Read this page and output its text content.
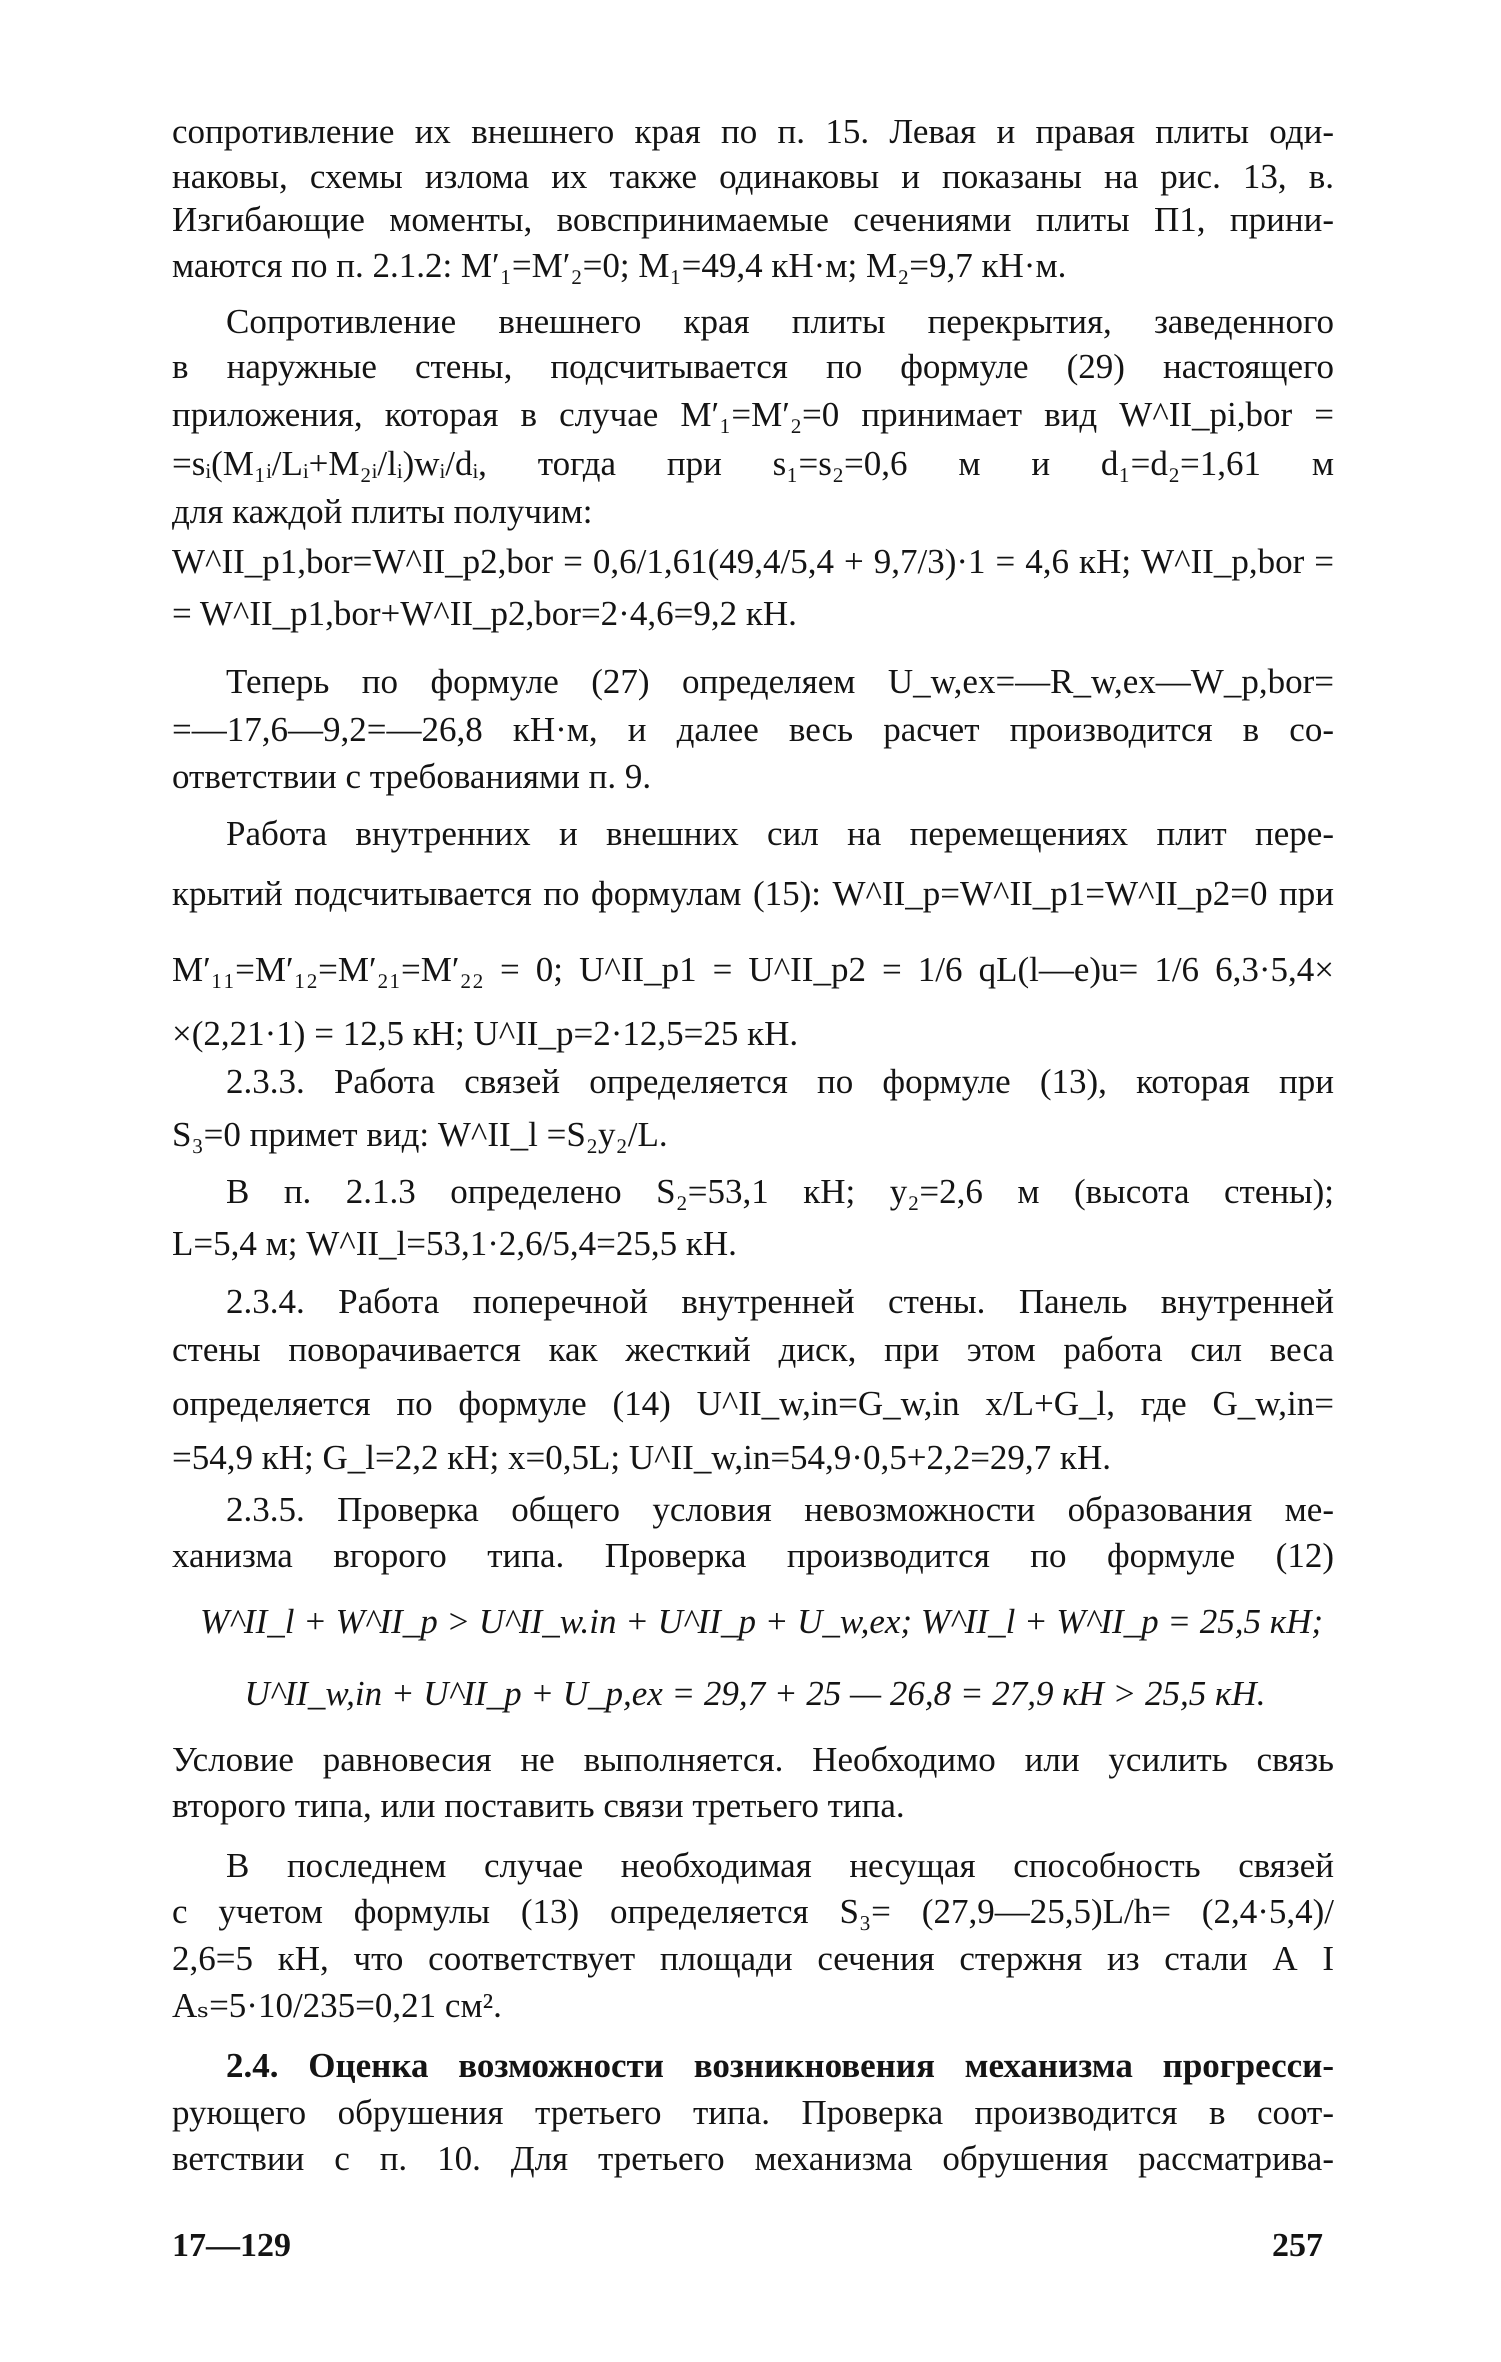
сопротивление их внешнего края по п. 15. Левая и правая плиты оди-
наковы, схемы излома их также одинаковы и показаны на рис. 13, в.
Изгибающие моменты, вовспринимаемые сечениями плиты П1, прини-
маются по п. 2.1.2: M′₁=M′₂=0; M₁=49,4 кН·м; M₂=9,7 кН·м.
Сопротивление внешнего края плиты перекрытия, заведенного
в наружные стены, подсчитывается по формуле (29) настоящего
приложения, которая в случае M′₁=M′₂=0 принимает вид W^II_pi,bor =
=sᵢ(M₁ᵢ/Lᵢ+M₂ᵢ/lᵢ)wᵢ/dᵢ, тогда при s₁=s₂=0,6 м и d₁=d₂=1,61 м
для каждой плиты получим:
W^II_p1,bor=W^II_p2,bor = 0,6/1,61(49,4/5,4 + 9,7/3)·1 = 4,6 кН; W^II_p,bor =
= W^II_p1,bor+W^II_p2,bor=2·4,6=9,2 кН.
Теперь по формуле (27) определяем U_w,ex=—R_w,ex—W_p,bor=
=—17,6—9,2=—26,8 кН·м, и далее весь расчет производится в со-
ответствии с требованиями п. 9.
Работа внутренних и внешних сил на перемещениях плит пере-
крытий подсчитывается по формулам (15): W^II_p=W^II_p1=W^II_p2=0 при
M′₁₁=M′₁₂=M′₂₁=M′₂₂ = 0; U^II_p1 = U^II_p2 = 1/6 qL(l—e)u= 1/6 6,3·5,4×
×(2,21·1) = 12,5 кН; U^II_p=2·12,5=25 кН.
2.3.3. Работа связей определяется по формуле (13), которая при
S₃=0 примет вид: W^II_l =S₂y₂/L.
В п. 2.1.3 определено S₂=53,1 кН; y₂=2,6 м (высота стены);
L=5,4 м; W^II_l=53,1·2,6/5,4=25,5 кН.
2.3.4. Работа поперечной внутренней стены. Панель внутренней
стены поворачивается как жесткий диск, при этом работа сил веса
определяется по формуле (14) U^II_w,in=G_w,in x/L+G_l, где G_w,in=
=54,9 кН; G_l=2,2 кН; x=0,5L; U^II_w,in=54,9·0,5+2,2=29,7 кН.
2.3.5. Проверка общего условия невозможности образования ме-
ханизма вгорого типа. Проверка производится по формуле (12)
W^II_l + W^II_p > U^II_w.in + U^II_p + U_w,ex; W^II_l + W^II_p = 25,5 кН;
U^II_w,in + U^II_p + U_p,ex = 29,7 + 25 — 26,8 = 27,9 кН > 25,5 кН.
Условие равновесия не выполняется. Необходимо или усилить связь
второго типа, или поставить связи третьего типа.
В последнем случае необходимая несущая способность связей
с учетом формулы (13) определяется S₃= (27,9—25,5)L/h= (2,4·5,4)/
2,6=5 кН, что соответствует площади сечения стержня из стали А I
Aₛ=5·10/235=0,21 см².
2.4. Оценка возможности возникновения механизма прогресси-
рующего обрушения третьего типа. Проверка производится в соот-
ветствии с п. 10. Для третьего механизма обрушения рассматрива-
17—129	257
